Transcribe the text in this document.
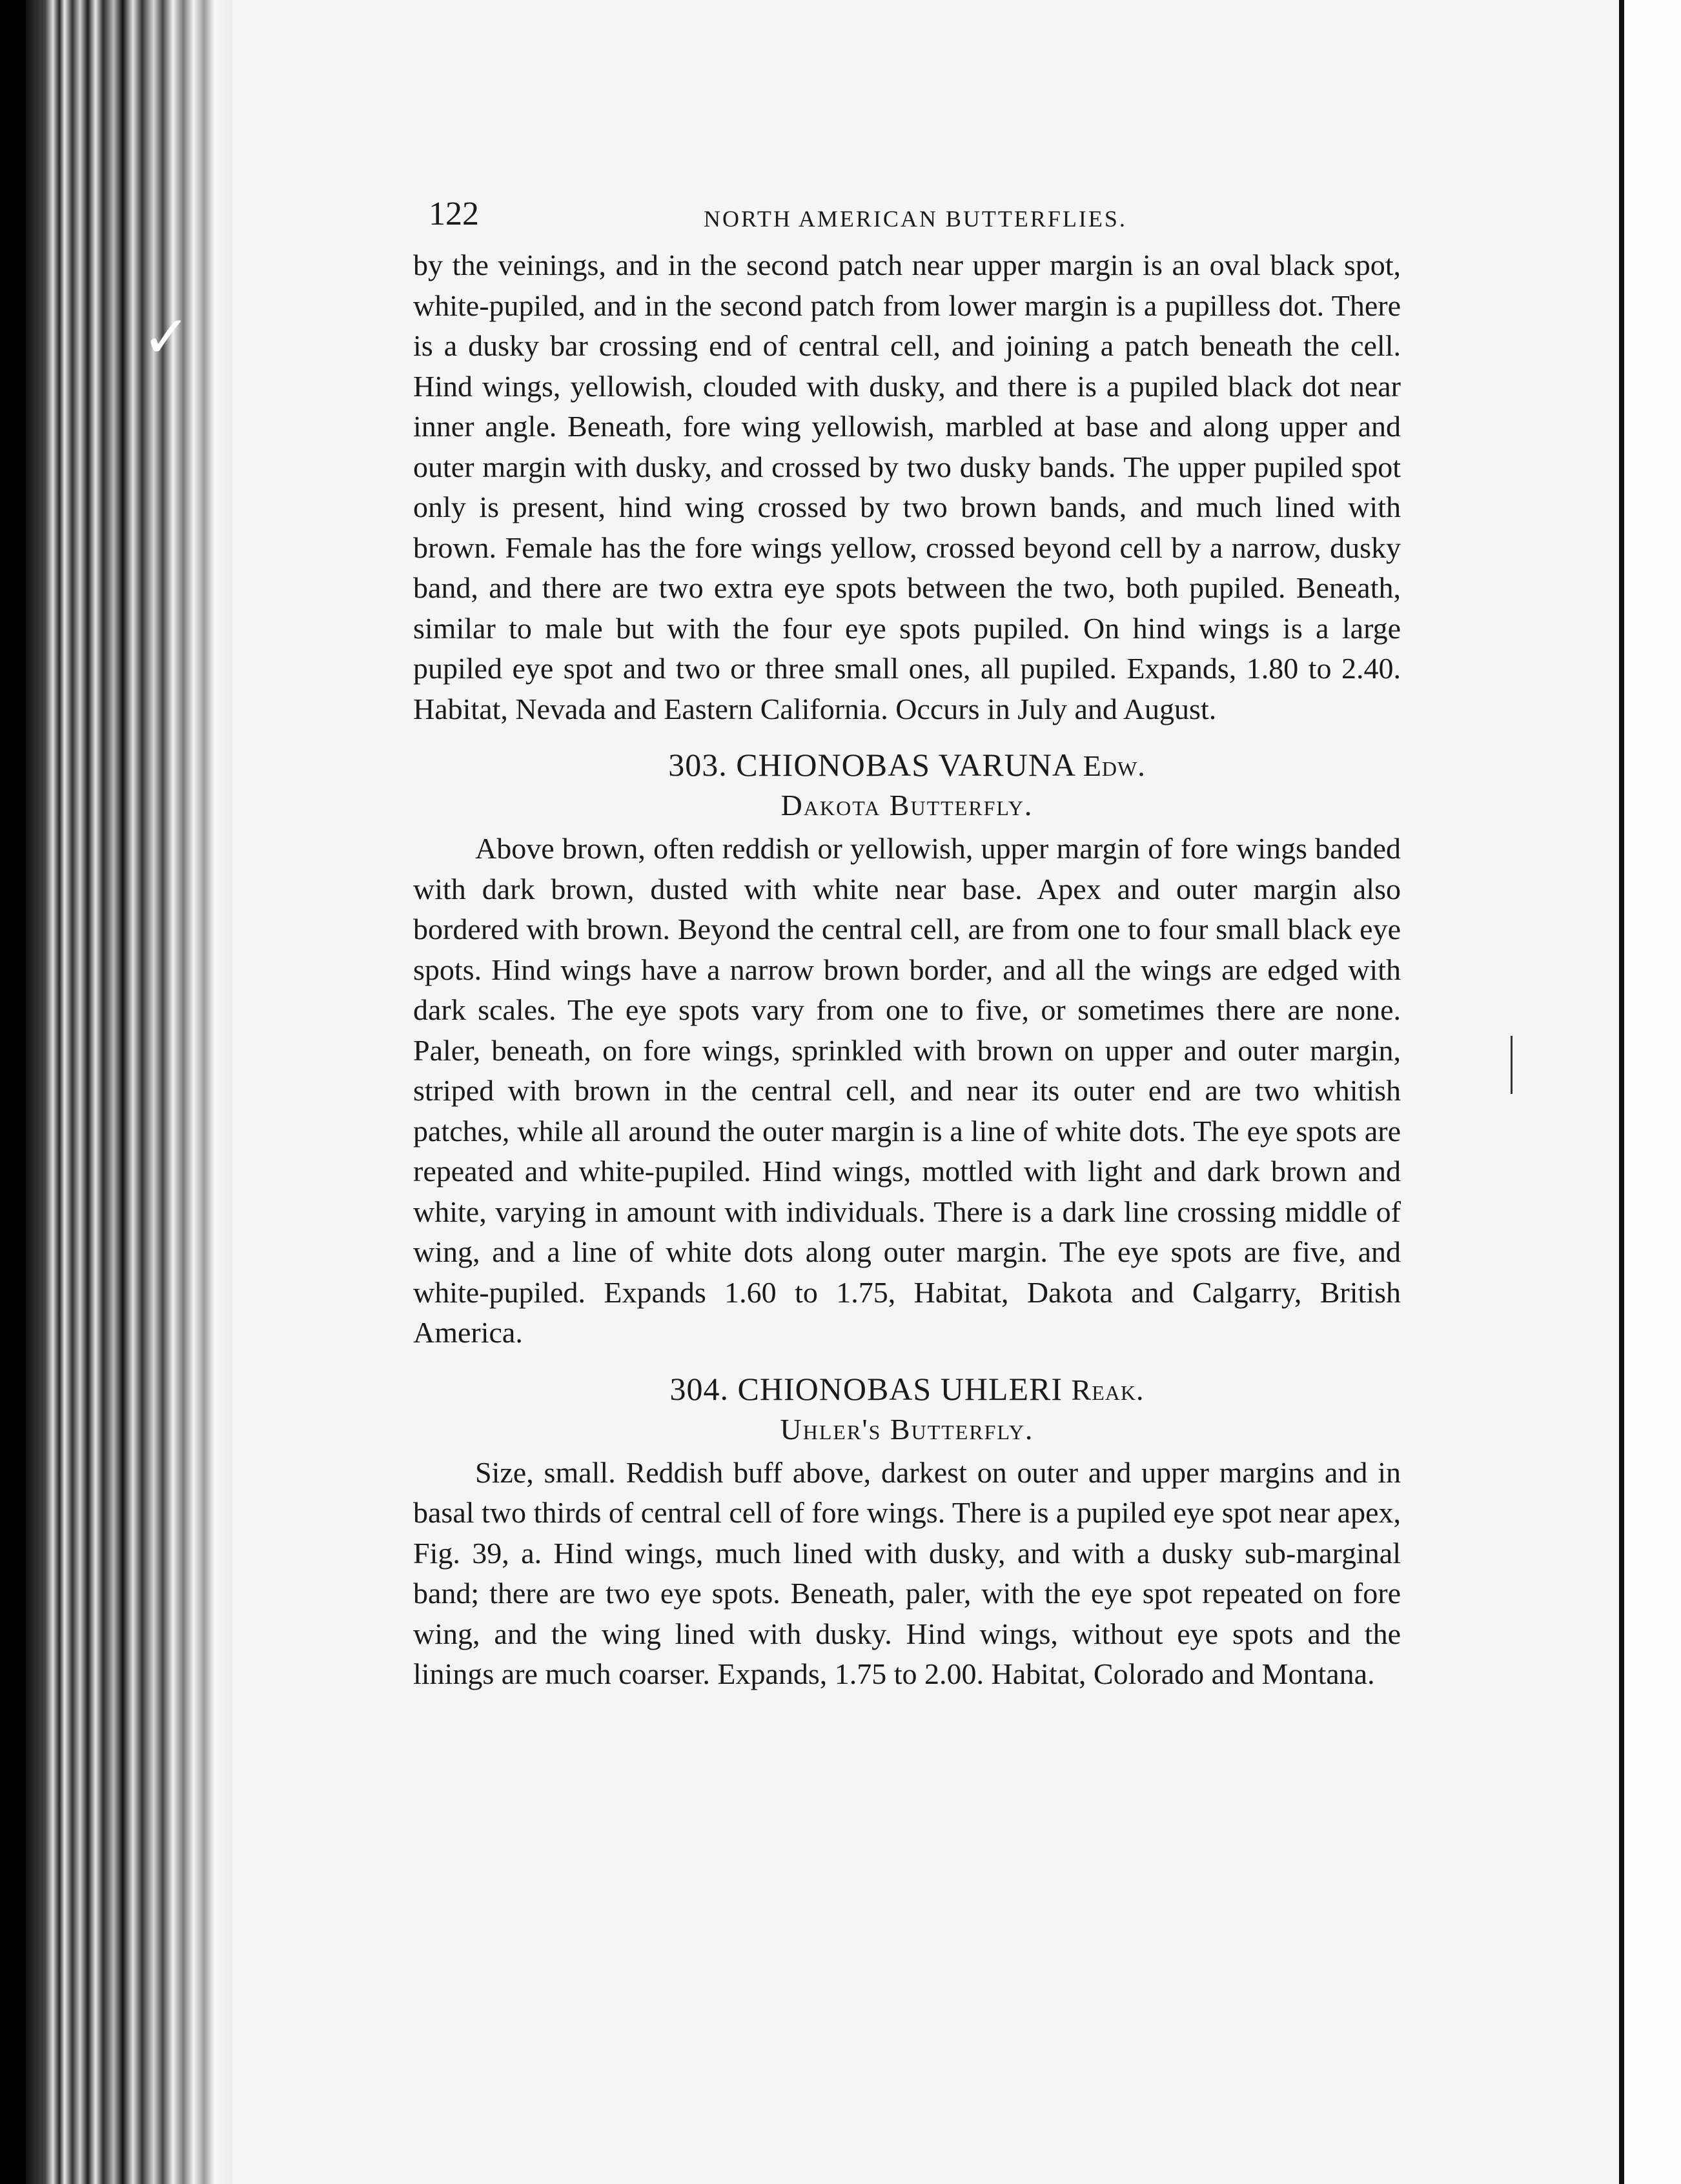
✓
122	NORTH AMERICAN BUTTERFLIES.

by the veinings, and in the second patch near upper margin is an oval black spot, white-pupiled, and in the second patch from lower margin is a pupilless dot. There is a dusky bar crossing end of central cell, and joining a patch beneath the cell. Hind wings, yellowish, clouded with dusky, and there is a pupiled black dot near inner angle. Beneath, fore wing yellowish, marbled at base and along upper and outer margin with dusky, and crossed by two dusky bands. The upper pupiled spot only is present, hind wing crossed by two brown bands, and much lined with brown. Female has the fore wings yellow, crossed beyond cell by a narrow, dusky band, and there are two extra eye spots between the two, both pupiled. Beneath, similar to male but with the four eye spots pupiled. On hind wings is a large pupiled eye spot and two or three small ones, all pupiled. Expands, 1.80 to 2.40. Habitat, Nevada and Eastern California. Occurs in July and August.

303. CHIONOBAS VARUNA Edw.
Dakota Butterfly.

Above brown, often reddish or yellowish, upper margin of fore wings banded with dark brown, dusted with white near base. Apex and outer margin also bordered with brown. Beyond the central cell, are from one to four small black eye spots. Hind wings have a narrow brown border, and all the wings are edged with dark scales. The eye spots vary from one to five, or sometimes there are none. Paler, beneath, on fore wings, sprinkled with brown on upper and outer margin, striped with brown in the central cell, and near its outer end are two whitish patches, while all around the outer margin is a line of white dots. The eye spots are repeated and white-pupiled. Hind wings, mottled with light and dark brown and white, varying in amount with individuals. There is a dark line crossing middle of wing, and a line of white dots along outer margin. The eye spots are five, and white-pupiled. Expands 1.60 to 1.75, Habitat, Dakota and Calgarry, British America.

304. CHIONOBAS UHLERI Reak.
Uhler's Butterfly.

Size, small. Reddish buff above, darkest on outer and upper margins and in basal two thirds of central cell of fore wings. There is a pupiled eye spot near apex, Fig. 39, a. Hind wings, much lined with dusky, and with a dusky sub-marginal band; there are two eye spots. Beneath, paler, with the eye spot repeated on fore wing, and the wing lined with dusky. Hind wings, without eye spots and the linings are much coarser. Expands, 1.75 to 2.00. Habitat, Colorado and Montana.
